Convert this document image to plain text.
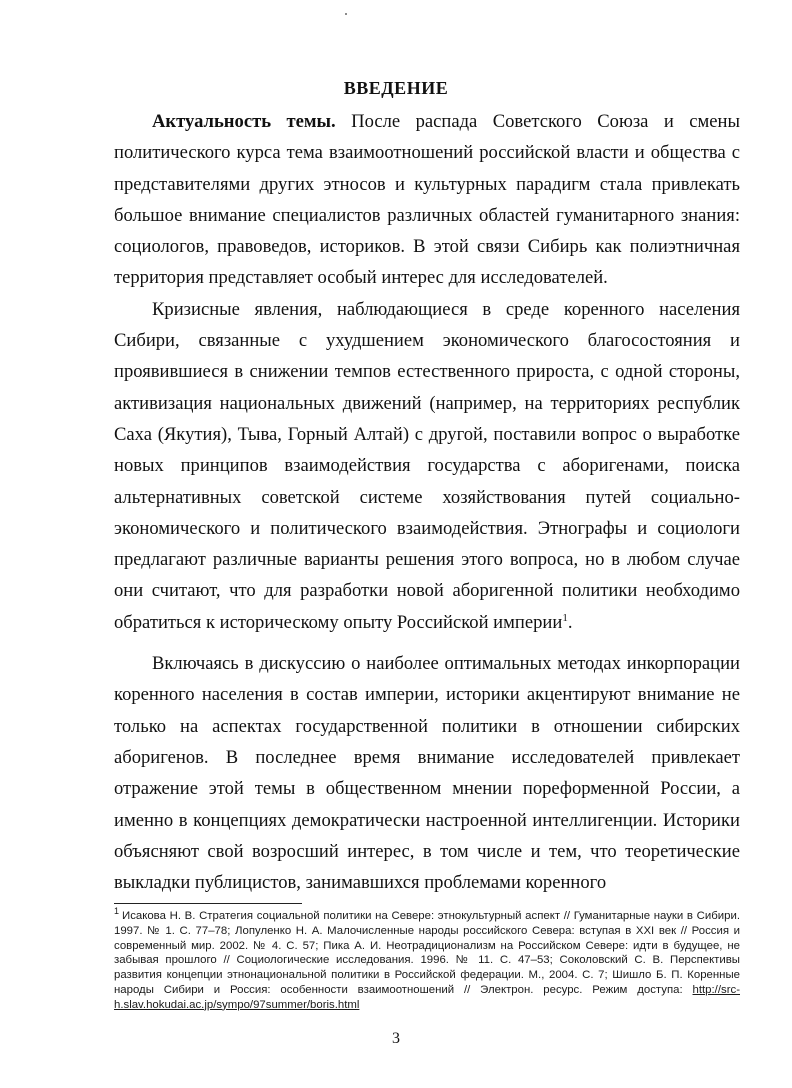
ВВЕДЕНИЕ

Актуальность темы. После распада Советского Союза и смены политического курса тема взаимоотношений российской власти и общества с представителями других этносов и культурных парадигм стала привлекать большое внимание специалистов различных областей гуманитарного знания: социологов, правоведов, историков. В этой связи Сибирь как полиэтничная территория представляет особый интерес для исследователей.

Кризисные явления, наблюдающиеся в среде коренного населения Сибири, связанные с ухудшением экономического благосостояния и проявившиеся в снижении темпов естественного прироста, с одной стороны, активизация национальных движений (например, на территориях республик Саха (Якутия), Тыва, Горный Алтай) с другой, поставили вопрос о выработке новых принципов взаимодействия государства с аборигенами, поиска альтернативных советской системе хозяйствования путей социально-экономического и политического взаимодействия. Этнографы и социологи предлагают различные варианты решения этого вопроса, но в любом случае они считают, что для разработки новой аборигенной политики необходимо обратиться к историческому опыту Российской империи$^1$.

Включаясь в дискуссию о наиболее оптимальных методах инкорпорации коренного населения в состав империи, историки акцентируют внимание не только на аспектах государственной политики в отношении сибирских аборигенов. В последнее время внимание исследователей привлекает отражение этой темы в общественном мнении пореформенной России, а именно в концепциях демократически настроенной интеллигенции. Историки объясняют свой возросший интерес, в том числе и тем, что теоретические выкладки публицистов, занимавшихся проблемами коренного

$^1$ Исакова Н. В. Стратегия социальной политики на Севере: этнокультурный аспект // Гуманитарные науки в Сибири. 1997. № 1. С. 77–78; Лопуленко Н. А. Малочисленные народы российского Севера: вступая в XXI век // Россия и современный мир. 2002. № 4. С. 57; Пика А. И. Неотрадиционализм на Российском Севере: идти в будущее, не забывая прошлого // Социологические исследования. 1996. № 11. С. 47–53; Соколовский С. В. Перспективы развития концепции этнонациональной политики в Российской федерации. М., 2004. С. 7; Шишло Б. П. Коренные народы Сибири и Россия: особенности взаимоотношений // Электрон. ресурс. Режим доступа: http://src-h.slav.hokudai.ac.jp/sympo/97summer/boris.html
3
